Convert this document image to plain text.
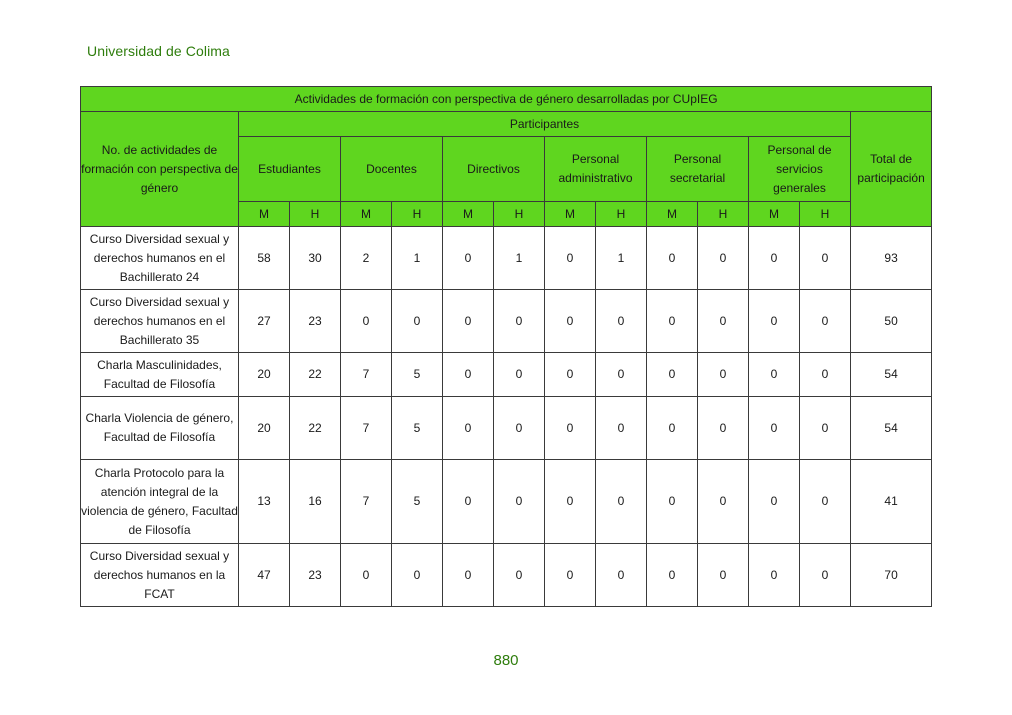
Universidad de Colima
Actividades de formación con perspectiva de género desarrolladas por CUpIEG													
No. de actividades de formación con perspectiva de género	Participantes												Total de participación
	Estudiantes		Docentes		Directivos		Personal administrativo		Personal secretarial		Personal de servicios generales		
	M	H	M	H	M	H	M	H	M	H	M	H	
Curso Diversidad sexual y derechos humanos en el Bachillerato 24	58	30	2	1	0	1	0	1	0	0	0	0	93
Curso Diversidad sexual y derechos humanos en el Bachillerato 35	27	23	0	0	0	0	0	0	0	0	0	0	50
Charla Masculinidades, Facultad de Filosofía	20	22	7	5	0	0	0	0	0	0	0	0	54
Charla Violencia de género, Facultad de Filosofía	20	22	7	5	0	0	0	0	0	0	0	0	54
Charla Protocolo para la atención integral de la violencia de género, Facultad de Filosofía	13	16	7	5	0	0	0	0	0	0	0	0	41
Curso Diversidad sexual y derechos humanos en la FCAT	47	23	0	0	0	0	0	0	0	0	0	0	70
880
